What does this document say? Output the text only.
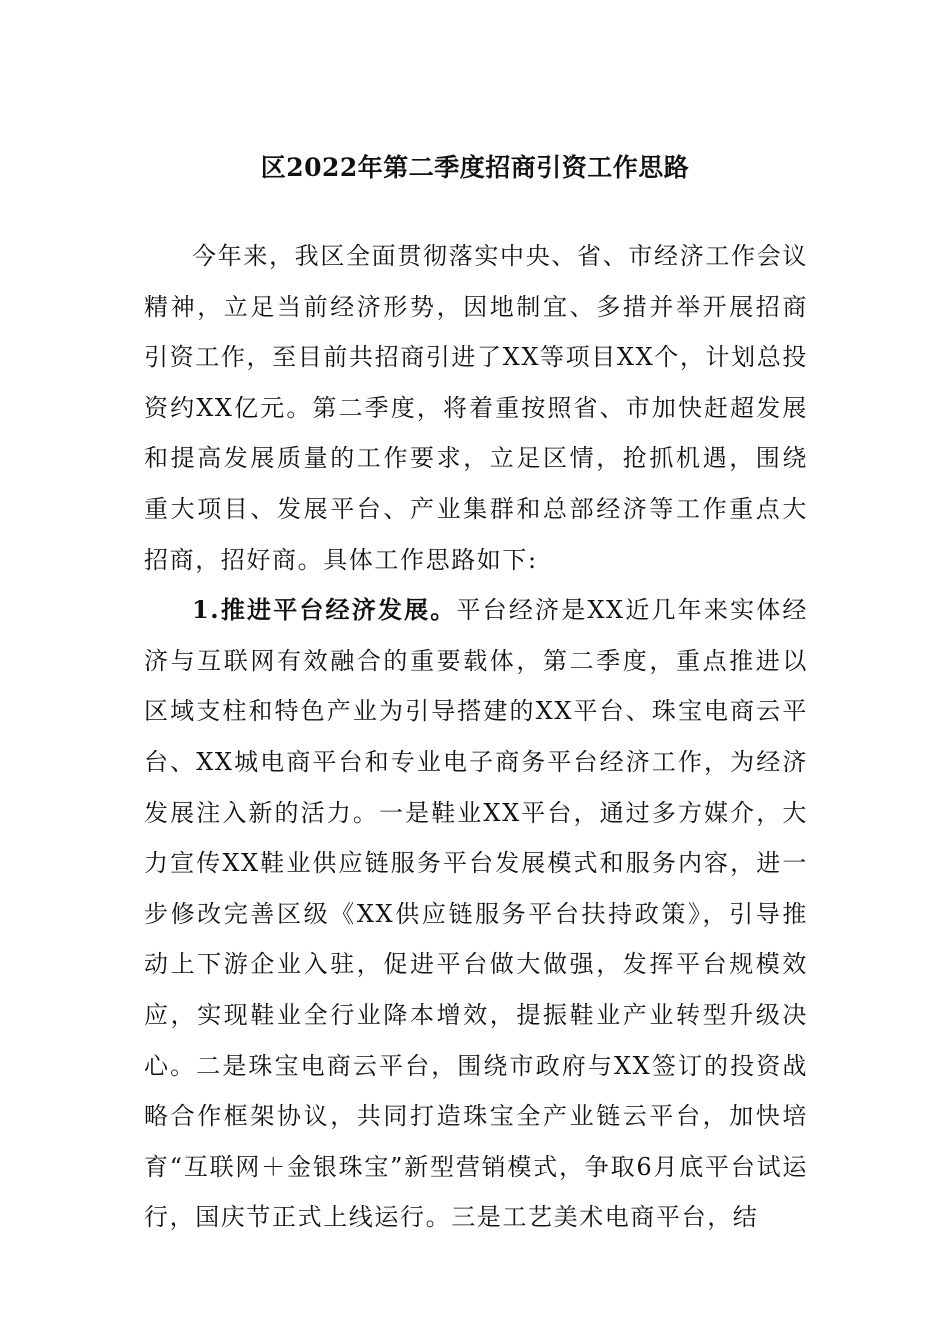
区2022年第二季度招商引资工作思路

今年来，我区全面贯彻落实中央、省、市经济工作会议精神，立足当前经济形势，因地制宜、多措并举开展招商引资工作，至目前共招商引进了XX等项目XX个，计划总投资约XX亿元。第二季度，将着重按照省、市加快赶超发展和提高发展质量的工作要求，立足区情，抢抓机遇，围绕重大项目、发展平台、产业集群和总部经济等工作重点大招商，招好商。具体工作思路如下:

1.推进平台经济发展。平台经济是XX近几年来实体经济与互联网有效融合的重要载体，第二季度，重点推进以区域支柱和特色产业为引导搭建的XX平台、珠宝电商云平台、XX城电商平台和专业电子商务平台经济工作，为经济发展注入新的活力。一是鞋业XX平台，通过多方媒介，大力宣传XX鞋业供应链服务平台发展模式和服务内容，进一步修改完善区级《XX供应链服务平台扶持政策》，引导推动上下游企业入驻，促进平台做大做强，发挥平台规模效应，实现鞋业全行业降本增效，提振鞋业产业转型升级决心。二是珠宝电商云平台，围绕市政府与XX签订的投资战略合作框架协议，共同打造珠宝全产业链云平台，加快培育“互联网＋金银珠宝”新型营销模式，争取6月底平台试运行，国庆节正式上线运行。三是工艺美术电商平台，结
